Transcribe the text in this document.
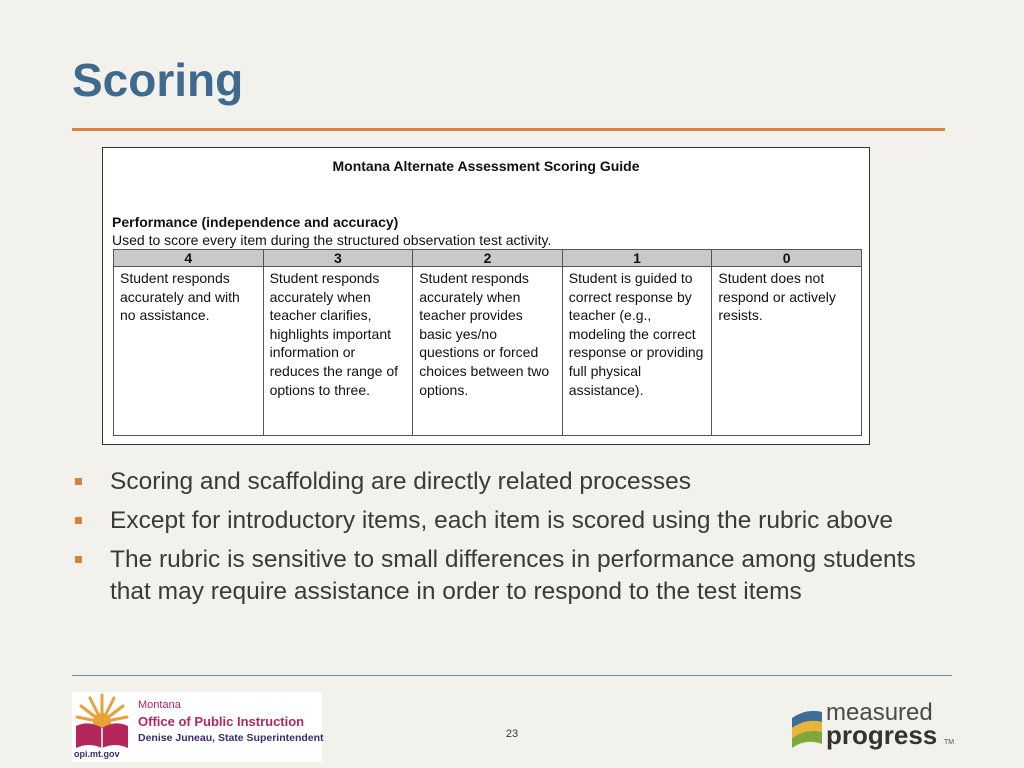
Scoring
Montana Alternate Assessment Scoring Guide
Performance (independence and accuracy)
Used to score every item during the structured observation test activity.
4	3	2	1	0
Student responds accurately and with no assistance.	Student responds accurately when teacher clarifies, highlights important information or reduces the range of options to three.	Student responds accurately when teacher provides basic yes/no questions or forced choices between two options.	Student is guided to correct response by teacher (e.g., modeling the correct response or providing full physical assistance).	Student does not respond or actively resists.
Scoring and scaffolding are directly related processes
Except for introductory items, each item is scored using the rubric above
The rubric is sensitive to small differences in performance among students that may require assistance in order to respond to the test items
Montana
Office of Public Instruction
Denise Juneau, State Superintendent
opi.mt.gov
23
measured
progress TM
